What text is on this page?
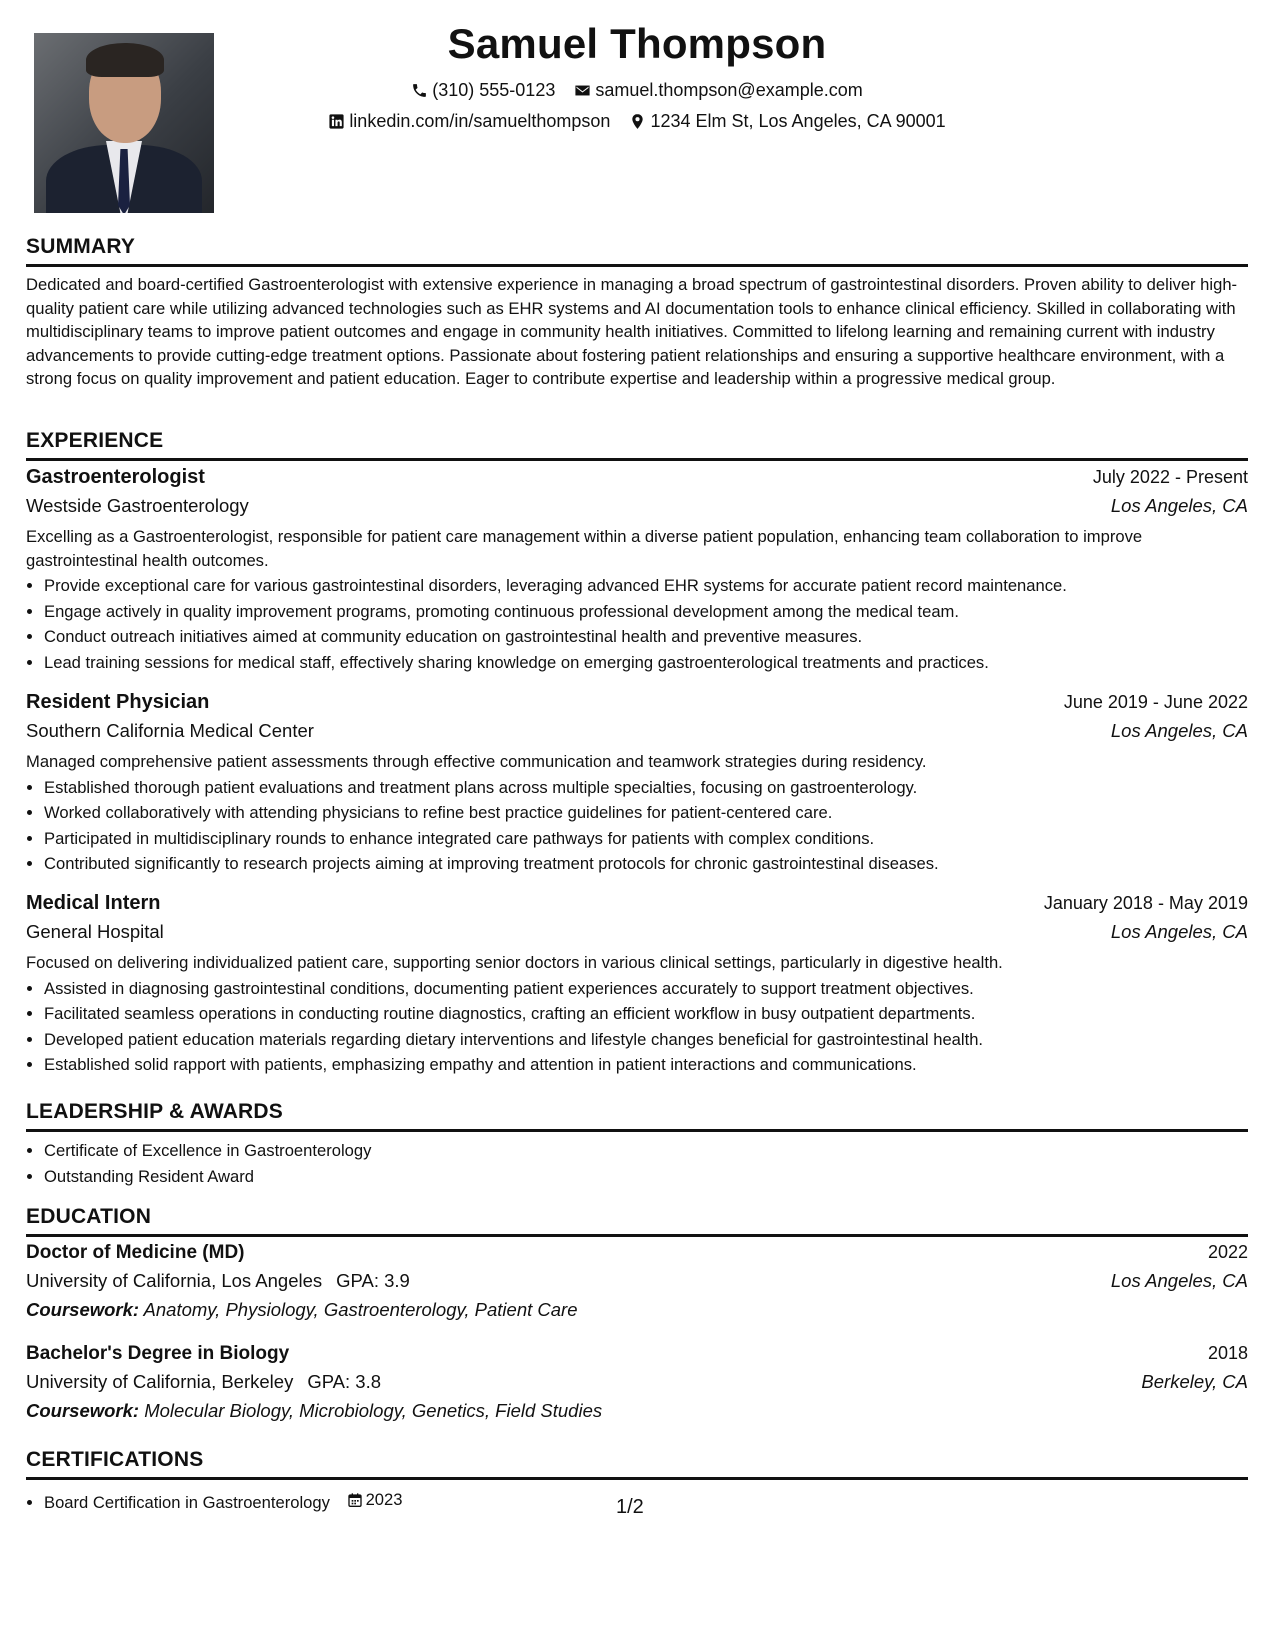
Samuel Thompson
(310) 555-0123
samuel.thompson@example.com
linkedin.com/in/samuelthompson
1234 Elm St, Los Angeles, CA 90001
SUMMARY

Dedicated and board-certified Gastroenterologist with extensive experience in managing a broad spectrum of gastrointestinal disorders. Proven ability to deliver high-quality patient care while utilizing advanced technologies such as EHR systems and AI documentation tools to enhance clinical efficiency. Skilled in collaborating with multidisciplinary teams to improve patient outcomes and engage in community health initiatives. Committed to lifelong learning and remaining current with industry advancements to provide cutting-edge treatment options. Passionate about fostering patient relationships and ensuring a supportive healthcare environment, with a strong focus on quality improvement and patient education. Eager to contribute expertise and leadership within a progressive medical group.

EXPERIENCE
Gastroenterologist	July 2022 - Present
Westside Gastroenterology	Los Angeles, CA

Excelling as a Gastroenterologist, responsible for patient care management within a diverse patient population, enhancing team collaboration to improve gastrointestinal health outcomes.

• Provide exceptional care for various gastrointestinal disorders, leveraging advanced EHR systems for accurate patient record maintenance.
• Engage actively in quality improvement programs, promoting continuous professional development among the medical team.
• Conduct outreach initiatives aimed at community education on gastrointestinal health and preventive measures.
• Lead training sessions for medical staff, effectively sharing knowledge on emerging gastroenterological treatments and practices.
Resident Physician	June 2019 - June 2022
Southern California Medical Center	Los Angeles, CA

Managed comprehensive patient assessments through effective communication and teamwork strategies during residency.

• Established thorough patient evaluations and treatment plans across multiple specialties, focusing on gastroenterology.
• Worked collaboratively with attending physicians to refine best practice guidelines for patient-centered care.
• Participated in multidisciplinary rounds to enhance integrated care pathways for patients with complex conditions.
• Contributed significantly to research projects aiming at improving treatment protocols for chronic gastrointestinal diseases.
Medical Intern	January 2018 - May 2019
General Hospital	Los Angeles, CA

Focused on delivering individualized patient care, supporting senior doctors in various clinical settings, particularly in digestive health.

• Assisted in diagnosing gastrointestinal conditions, documenting patient experiences accurately to support treatment objectives.
• Facilitated seamless operations in conducting routine diagnostics, crafting an efficient workflow in busy outpatient departments.
• Developed patient education materials regarding dietary interventions and lifestyle changes beneficial for gastrointestinal health.
• Established solid rapport with patients, emphasizing empathy and attention in patient interactions and communications.
LEADERSHIP & AWARDS
• Certificate of Excellence in Gastroenterology
• Outstanding Resident Award
EDUCATION
Doctor of Medicine (MD)	2022
University of California, Los Angeles GPA: 3.9	Los Angeles, CA
Coursework: Anatomy, Physiology, Gastroenterology, Patient Care
Bachelor's Degree in Biology	2018
University of California, Berkeley GPA: 3.8	Berkeley, CA
Coursework: Molecular Biology, Microbiology, Genetics, Field Studies
CERTIFICATIONS
• Board Certification in Gastroenterology 2023	1/2
